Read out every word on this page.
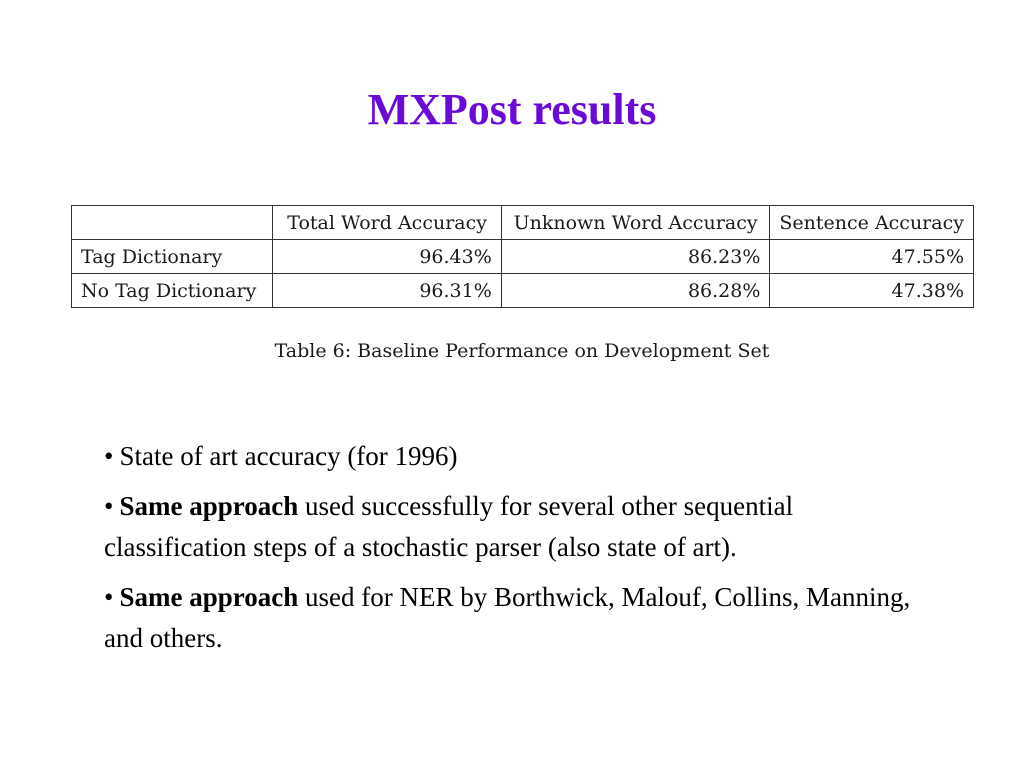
MXPost results
	Total Word Accuracy	Unknown Word Accuracy	Sentence Accuracy
Tag Dictionary	96.43%	86.23%	47.55%
No Tag Dictionary	96.31%	86.28%	47.38%

Table 6: Baseline Performance on Development Set

• State of art accuracy (for 1996)
• Same approach used successfully for several other sequential classification steps of a stochastic parser (also state of art).
• Same approach used for NER by Borthwick, Malouf, Collins, Manning, and others.
